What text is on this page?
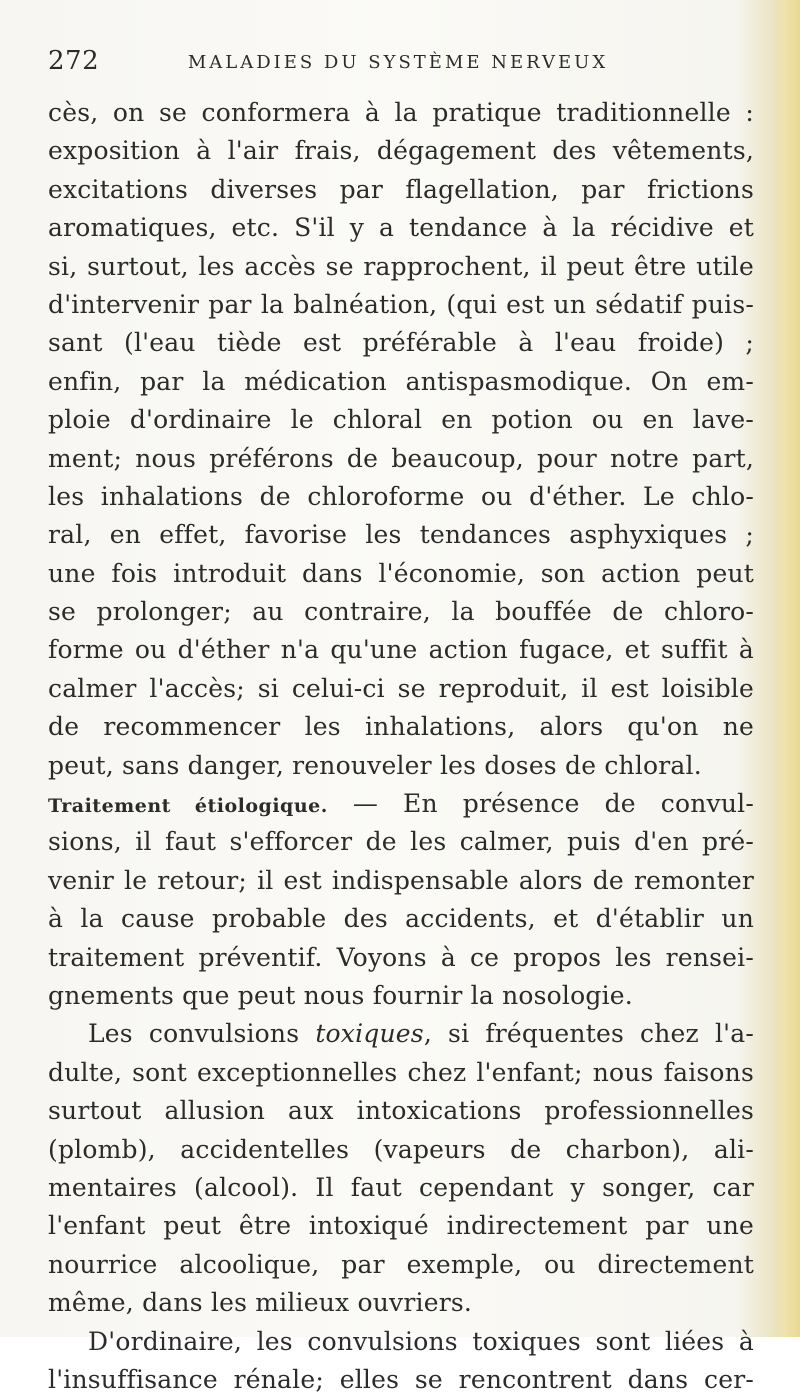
272	MALADIES DU SYSTÈME NERVEUX
cès, on se conformera à la pratique traditionnelle :
exposition à l'air frais, dégagement des vêtements,
excitations diverses par flagellation, par frictions
aromatiques, etc. S'il y a tendance à la récidive et
si, surtout, les accès se rapprochent, il peut être utile
d'intervenir par la balnéation, (qui est un sédatif puis-
sant (l'eau tiède est préférable à l'eau froide) ;
enfin, par la médication antispasmodique. On em-
ploie d'ordinaire le chloral en potion ou en lave-
ment; nous préférons de beaucoup, pour notre part,
les inhalations de chloroforme ou d'éther. Le chlo-
ral, en effet, favorise les tendances asphyxiques ;
une fois introduit dans l'économie, son action peut
se prolonger; au contraire, la bouffée de chloro-
forme ou d'éther n'a qu'une action fugace, et suffit à
calmer l'accès; si celui-ci se reproduit, il est loisible
de recommencer les inhalations, alors qu'on ne
peut, sans danger, renouveler les doses de chloral.
Traitement étiologique. — En présence de convul-
sions, il faut s'efforcer de les calmer, puis d'en pré-
venir le retour; il est indispensable alors de remonter
à la cause probable des accidents, et d'établir un
traitement préventif. Voyons à ce propos les rensei-
gnements que peut nous fournir la nosologie.
Les convulsions toxiques, si fréquentes chez l'a-
dulte, sont exceptionnelles chez l'enfant; nous faisons
surtout allusion aux intoxications professionnelles
(plomb), accidentelles (vapeurs de charbon), ali-
mentaires (alcool). Il faut cependant y songer, car
l'enfant peut être intoxiqué indirectement par une
nourrice alcoolique, par exemple, ou directement
même, dans les milieux ouvriers.
D'ordinaire, les convulsions toxiques sont liées à
l'insuffisance rénale; elles se rencontrent dans cer-
